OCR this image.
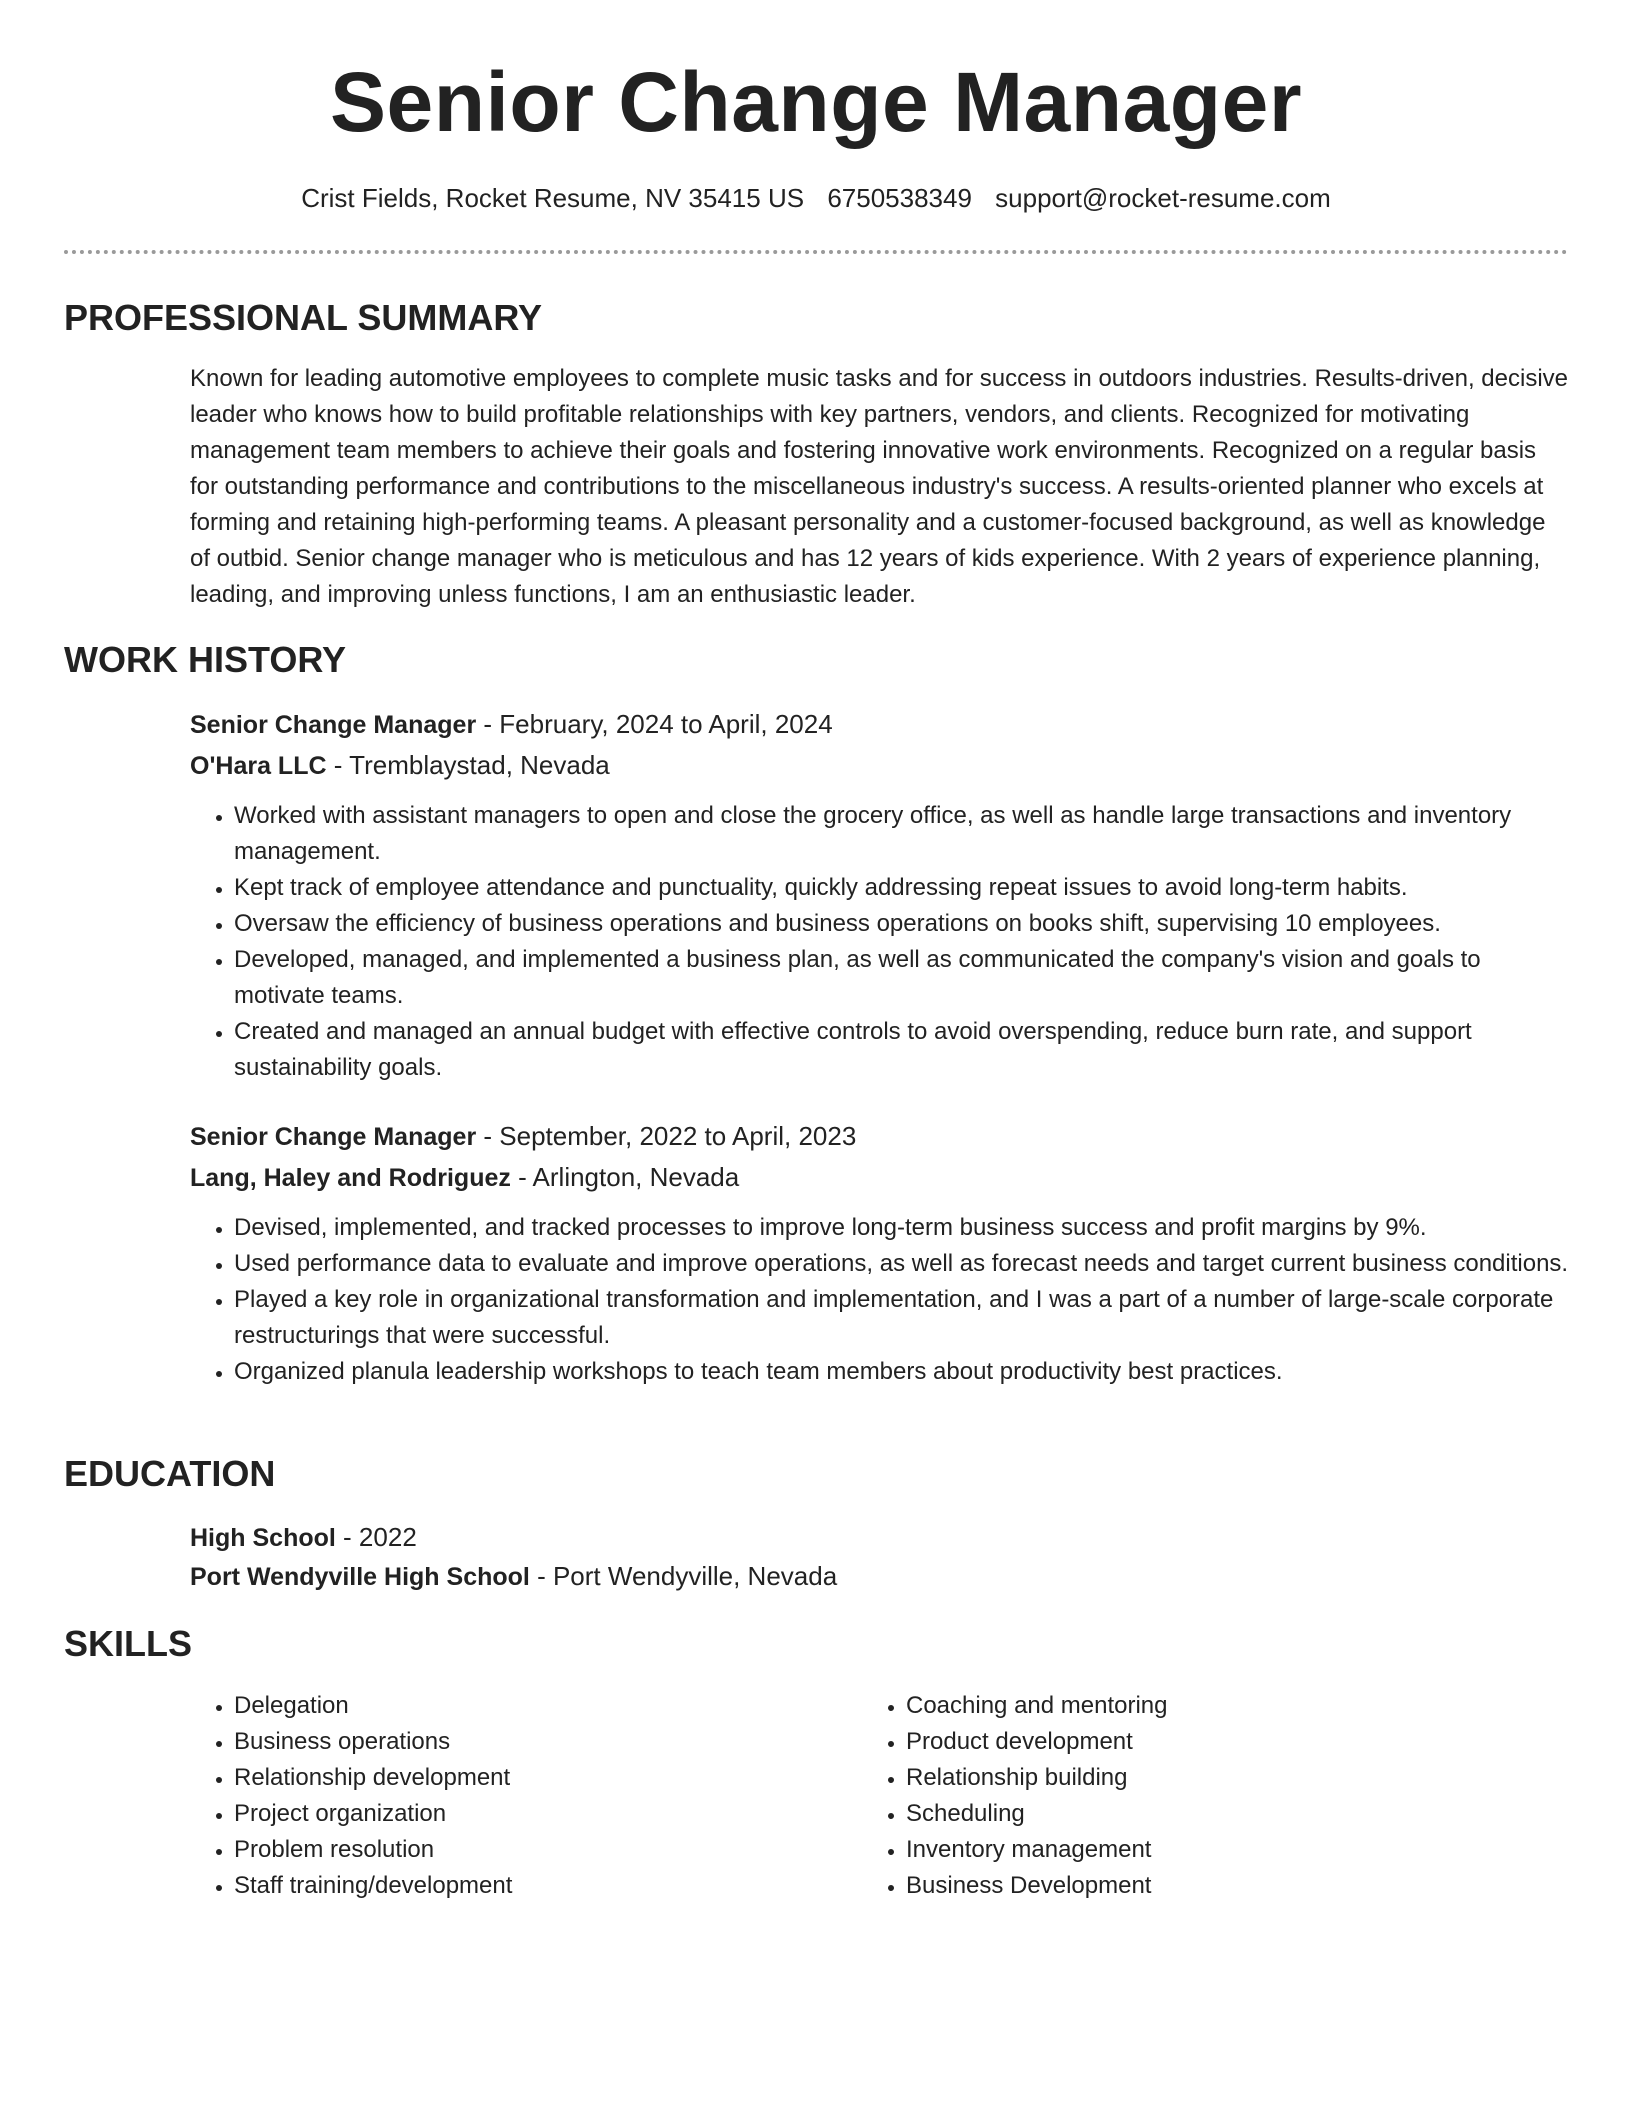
Senior Change Manager
Crist Fields, Rocket Resume, NV 35415 US 6750538349 support@rocket-resume.com
PROFESSIONAL SUMMARY

Known for leading automotive employees to complete music tasks and for success in outdoors industries. Results-driven, decisive leader who knows how to build profitable relationships with key partners, vendors, and clients. Recognized for motivating management team members to achieve their goals and fostering innovative work environments. Recognized on a regular basis for outstanding performance and contributions to the miscellaneous industry's success. A results-oriented planner who excels at forming and retaining high-performing teams. A pleasant personality and a customer-focused background, as well as knowledge of outbid. Senior change manager who is meticulous and has 12 years of kids experience. With 2 years of experience planning, leading, and improving unless functions, I am an enthusiastic leader.

WORK HISTORY

Senior Change Manager - February, 2024 to April, 2024

O'Hara LLC - Tremblaystad, Nevada

• Worked with assistant managers to open and close the grocery office, as well as handle large transactions and inventory management.
• Kept track of employee attendance and punctuality, quickly addressing repeat issues to avoid long-term habits.
• Oversaw the efficiency of business operations and business operations on books shift, supervising 10 employees.
• Developed, managed, and implemented a business plan, as well as communicated the company's vision and goals to motivate teams.
• Created and managed an annual budget with effective controls to avoid overspending, reduce burn rate, and support sustainability goals.

Senior Change Manager - September, 2022 to April, 2023

Lang, Haley and Rodriguez - Arlington, Nevada

• Devised, implemented, and tracked processes to improve long-term business success and profit margins by 9%.
• Used performance data to evaluate and improve operations, as well as forecast needs and target current business conditions.
• Played a key role in organizational transformation and implementation, and I was a part of a number of large-scale corporate restructurings that were successful.
• Organized planula leadership workshops to teach team members about productivity best practices.
EDUCATION

High School - 2022

Port Wendyville High School - Port Wendyville, Nevada

SKILLS
• Delegation
• Business operations
• Relationship development
• Project organization
• Problem resolution
• Staff training/development
• Coaching and mentoring
• Product development
• Relationship building
• Scheduling
• Inventory management
• Business Development
